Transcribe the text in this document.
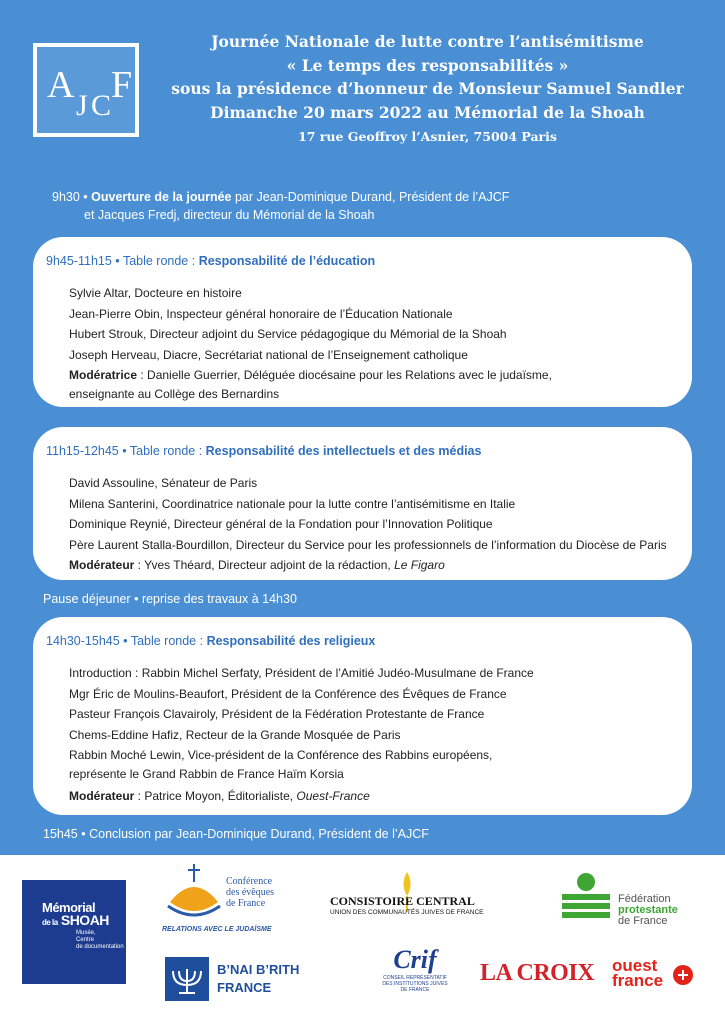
A J C F
Journée Nationale de lutte contre l’antisémitisme
« Le temps des responsabilités »
sous la présidence d’honneur de Monsieur Samuel Sandler
Dimanche 20 mars 2022 au Mémorial de la Shoah
17 rue Geoffroy l’Asnier, 75004 Paris
9h30 • Ouverture de la journée par Jean-Dominique Durand, Président de l’AJCF
et Jacques Fredj, directeur du Mémorial de la Shoah
9h45-11h15 • Table ronde : Responsabilité de l’éducation
Sylvie Altar, Docteure en histoire
Jean-Pierre Obin, Inspecteur général honoraire de l’Éducation Nationale
Hubert Strouk, Directeur adjoint du Service pédagogique du Mémorial de la Shoah
Joseph Herveau, Diacre, Secrétariat national de l’Enseignement catholique
Modératrice : Danielle Guerrier, Déléguée diocésaine pour les Relations avec le judaïsme,
enseignante au Collège des Bernardins
11h15-12h45 • Table ronde : Responsabilité des intellectuels et des médias
David Assouline, Sénateur de Paris
Milena Santerini, Coordinatrice nationale pour la lutte contre l’antisémitisme en Italie
Dominique Reynié, Directeur général de la Fondation pour l’Innovation Politique
Père Laurent Stalla-Bourdillon, Directeur du Service pour les professionnels de l’information du Diocèse de Paris
Modérateur : Yves Théard, Directeur adjoint de la rédaction, Le Figaro
Pause déjeuner • reprise des travaux à 14h30
14h30-15h45 • Table ronde : Responsabilité des religieux
Introduction : Rabbin Michel Serfaty, Président de l’Amitié Judéo-Musulmane de France
Mgr Éric de Moulins-Beaufort, Président de la Conférence des Évêques de France
Pasteur François Clavairoly, Président de la Fédération Protestante de France
Chems-Eddine Hafiz, Recteur de la Grande Mosquée de Paris
Rabbin Moché Lewin, Vice-président de la Conférence des Rabbins européens,
représente le Grand Rabbin de France Haïm Korsia
Modérateur : Patrice Moyon, Éditorialiste, Ouest-France
15h45 • Conclusion par Jean-Dominique Durand, Président de l’AJCF
Mémorial
de la SHOAH
Musée,
Centre
de documentation
Conférence
des évêques
de France
RELATIONS AVEC LE JUDAÏSME
CONSISTOIRE CENTRAL
UNION DES COMMUNAUTÉS JUIVES DE FRANCE
Fédération
protestante
de France
B’NAI B’RITH
FRANCE
Crif
CONSEIL REPRÉSENTATIF
DES INSTITUTIONS JUIVES
DE FRANCE
LA CROIX	ouest
france
